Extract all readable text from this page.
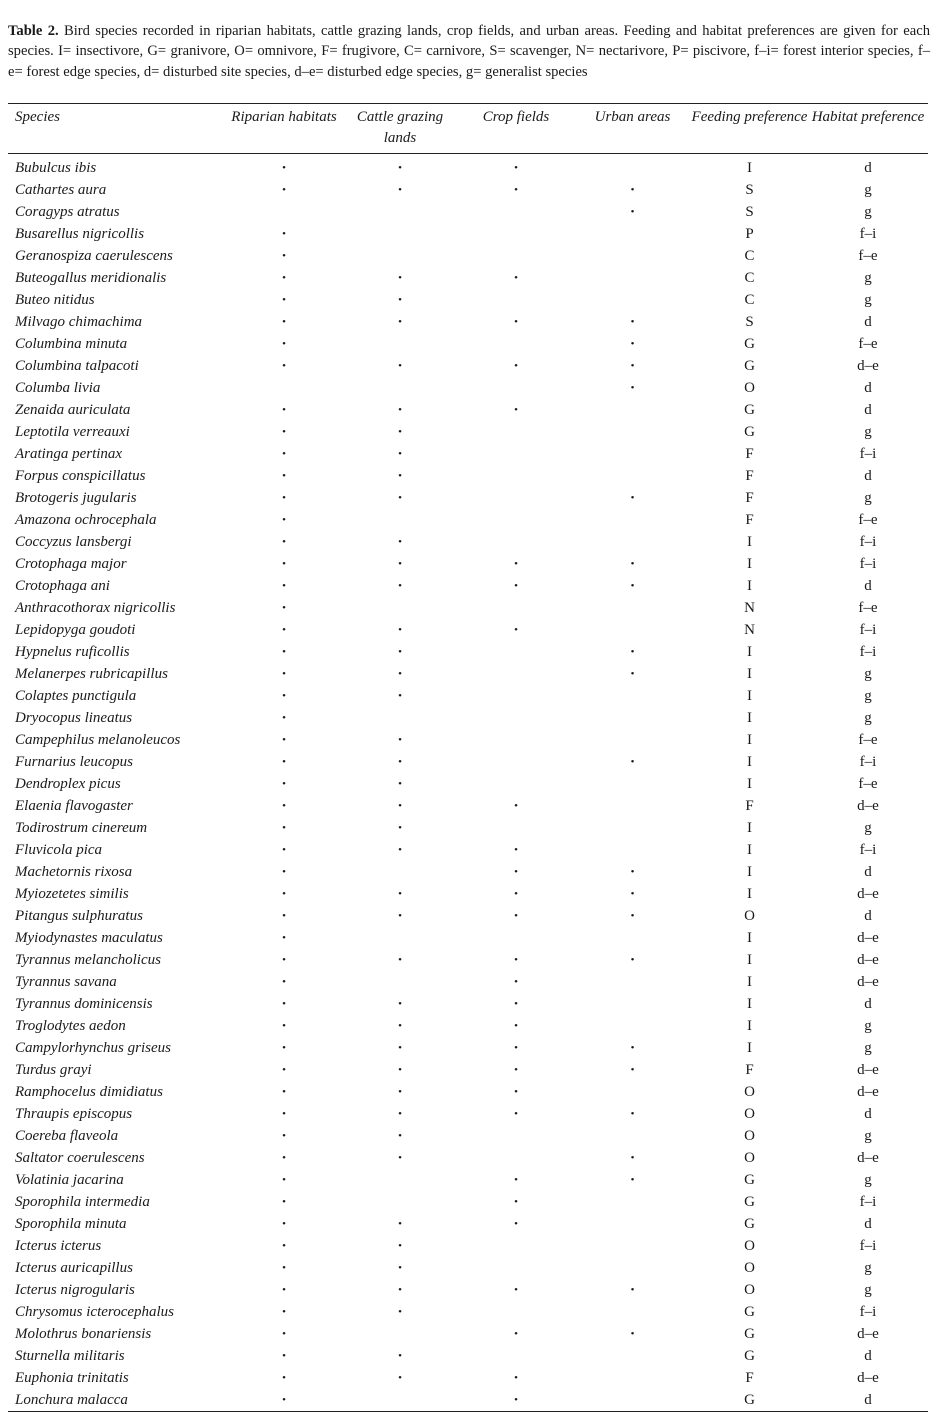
Table 2. Bird species recorded in riparian habitats, cattle grazing lands, crop fields, and urban areas. Feeding and habitat preferences are given for each species. I= insectivore, G= granivore, O= omnivore, F= frugivore, C= carnivore, S= scavenger, N= nectarivore, P= piscivore, f–i= forest interior species, f–e= forest edge species, d= disturbed site species, d–e= disturbed edge species, g= generalist species

Species	Riparian habitats	Cattle grazing lands	Crop fields	Urban areas	Feeding preference	Habitat preference
Bubulcus ibis	•	•	•		I	d
Cathartes aura	•	•	•	•	S	g
Coragyps atratus				•	S	g
Busarellus nigricollis	•				P	f–i
Geranospiza caerulescens	•				C	f–e
Buteogallus meridionalis	•	•	•		C	g
Buteo nitidus	•	•			C	g
Milvago chimachima	•	•	•	•	S	d
Columbina minuta	•			•	G	f–e
Columbina talpacoti	•	•	•	•	G	d–e
Columba livia				•	O	d
Zenaida auriculata	•	•	•		G	d
Leptotila verreauxi	•	•			G	g
Aratinga pertinax	•	•			F	f–i
Forpus conspicillatus	•	•			F	d
Brotogeris jugularis	•	•		•	F	g
Amazona ochrocephala	•				F	f–e
Coccyzus lansbergi	•	•			I	f–i
Crotophaga major	•	•	•	•	I	f–i
Crotophaga ani	•	•	•	•	I	d
Anthracothorax nigricollis	•				N	f–e
Lepidopyga goudoti	•	•	•		N	f–i
Hypnelus ruficollis	•	•		•	I	f–i
Melanerpes rubricapillus	•	•		•	I	g
Colaptes punctigula	•	•			I	g
Dryocopus lineatus	•				I	g
Campephilus melanoleucos	•	•			I	f–e
Furnarius leucopus	•	•		•	I	f–i
Dendroplex picus	•	•			I	f–e
Elaenia flavogaster	•	•	•		F	d–e
Todirostrum cinereum	•	•			I	g
Fluvicola pica	•	•	•		I	f–i
Machetornis rixosa	•		•	•	I	d
Myiozetetes similis	•	•	•	•	I	d–e
Pitangus sulphuratus	•	•	•	•	O	d
Myiodynastes maculatus	•				I	d–e
Tyrannus melancholicus	•	•	•	•	I	d–e
Tyrannus savana	•		•		I	d–e
Tyrannus dominicensis	•	•	•		I	d
Troglodytes aedon	•	•	•		I	g
Campylorhynchus griseus	•	•	•	•	I	g
Turdus grayi	•	•	•	•	F	d–e
Ramphocelus dimidiatus	•	•	•		O	d–e
Thraupis episcopus	•	•	•	•	O	d
Coereba flaveola	•	•			O	g
Saltator coerulescens	•	•		•	O	d–e
Volatinia jacarina	•		•	•	G	g
Sporophila intermedia	•		•		G	f–i
Sporophila minuta	•	•	•		G	d
Icterus icterus	•	•			O	f–i
Icterus auricapillus	•	•			O	g
Icterus nigrogularis	•	•	•	•	O	g
Chrysomus icterocephalus	•	•			G	f–i
Molothrus bonariensis	•		•	•	G	d–e
Sturnella militaris	•	•			G	d
Euphonia trinitatis	•	•	•		F	d–e
Lonchura malacca	•		•		G	d
